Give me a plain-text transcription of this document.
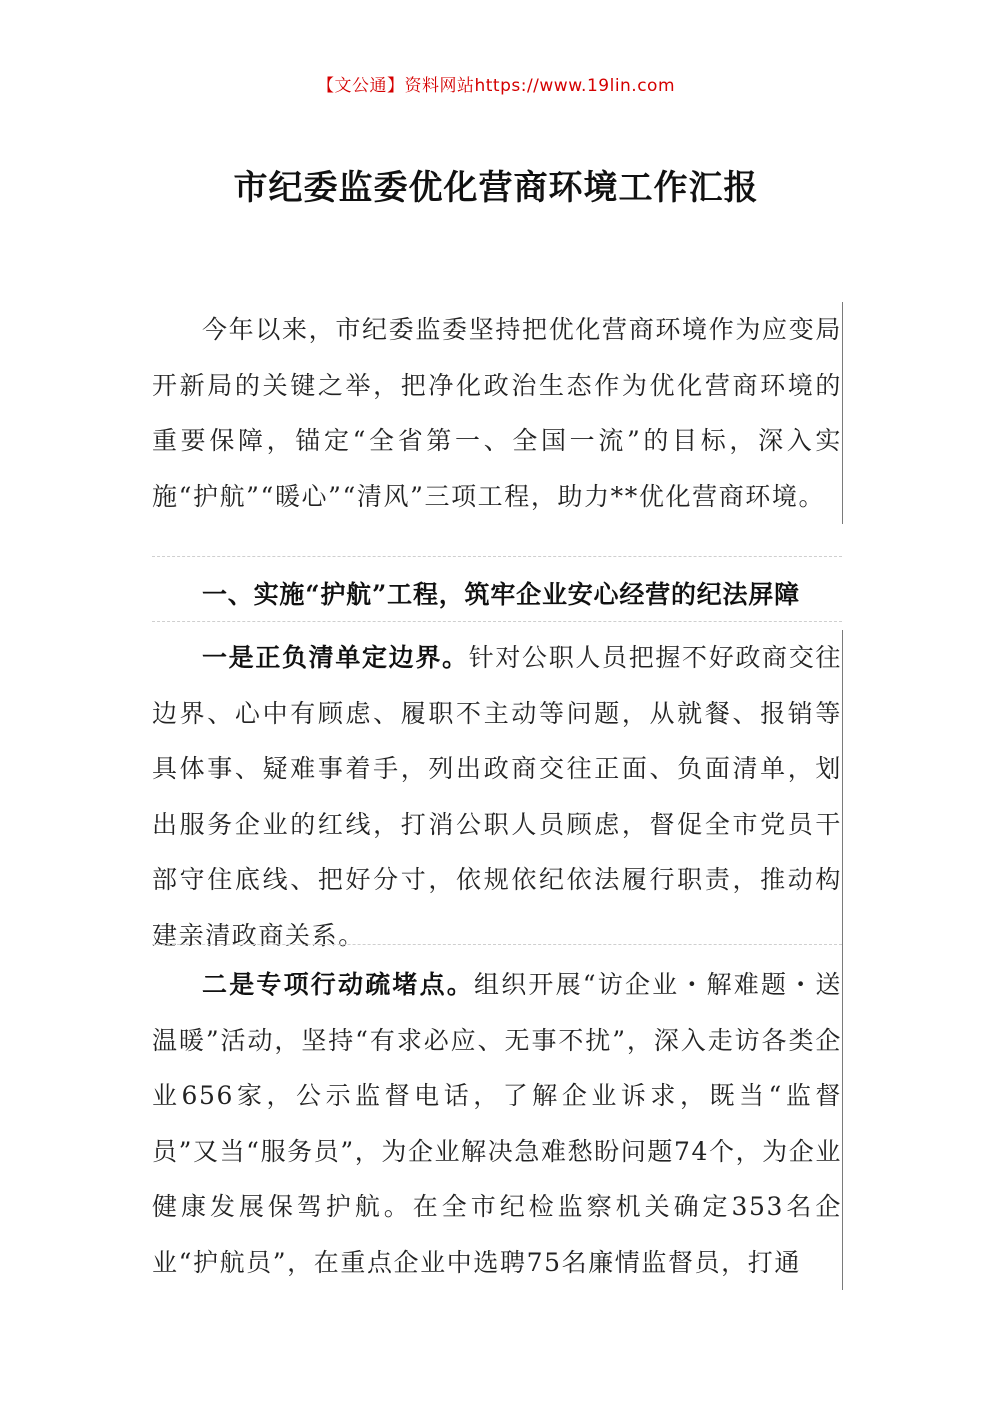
【文公通】资料网站https://www.19lin.com
市纪委监委优化营商环境工作汇报

今年以来，市纪委监委坚持把优化营商环境作为应变局开新局的关键之举，把净化政治生态作为优化营商环境的重要保障，锚定“全省第一、全国一流”的目标，深入实施“护航”“暖心”“清风”三项工程，助力**优化营商环境。

一、实施“护航”工程，筑牢企业安心经营的纪法屏障

一是正负清单定边界。针对公职人员把握不好政商交往边界、心中有顾虑、履职不主动等问题，从就餐、报销等具体事、疑难事着手，列出政商交往正面、负面清单，划出服务企业的红线，打消公职人员顾虑，督促全市党员干部守住底线、把好分寸，依规依纪依法履行职责，推动构建亲清政商关系。

二是专项行动疏堵点。组织开展“访企业・解难题・送温暖”活动，坚持“有求必应、无事不扰”，深入走访各类企业656家，公示监督电话，了解企业诉求，既当“监督员”又当“服务员”，为企业解决急难愁盼问题74个，为企业健康发展保驾护航。在全市纪检监察机关确定353名企业“护航员”，在重点企业中选聘75名廉情监督员，打通
